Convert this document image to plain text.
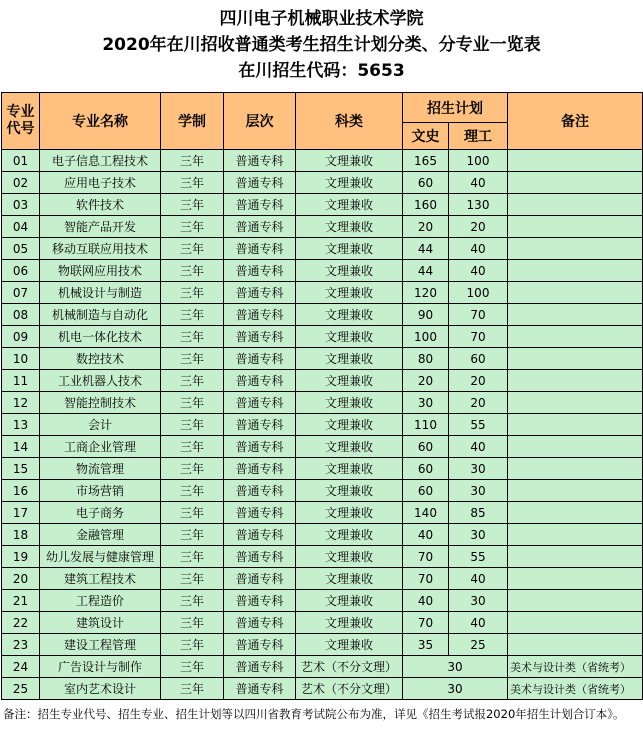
四川电子机械职业技术学院
2020年在川招收普通类考生招生计划分类、分专业一览表
在川招生代码：5653
专业代号	专业名称	学制	层次	科类	招生计划		备注
					文史	理工	
01	电子信息工程技术	三年	普通专科	文理兼收	165	100	
02	应用电子技术	三年	普通专科	文理兼收	60	40	
03	软件技术	三年	普通专科	文理兼收	160	130	
04	智能产品开发	三年	普通专科	文理兼收	20	20	
05	移动互联应用技术	三年	普通专科	文理兼收	44	40	
06	物联网应用技术	三年	普通专科	文理兼收	44	40	
07	机械设计与制造	三年	普通专科	文理兼收	120	100	
08	机械制造与自动化	三年	普通专科	文理兼收	90	70	
09	机电一体化技术	三年	普通专科	文理兼收	100	70	
10	数控技术	三年	普通专科	文理兼收	80	60	
11	工业机器人技术	三年	普通专科	文理兼收	20	20	
12	智能控制技术	三年	普通专科	文理兼收	30	20	
13	会计	三年	普通专科	文理兼收	110	55	
14	工商企业管理	三年	普通专科	文理兼收	60	40	
15	物流管理	三年	普通专科	文理兼收	60	30	
16	市场营销	三年	普通专科	文理兼收	60	30	
17	电子商务	三年	普通专科	文理兼收	140	85	
18	金融管理	三年	普通专科	文理兼收	40	30	
19	幼儿发展与健康管理	三年	普通专科	文理兼收	70	55	
20	建筑工程技术	三年	普通专科	文理兼收	70	40	
21	工程造价	三年	普通专科	文理兼收	40	30	
22	建筑设计	三年	普通专科	文理兼收	70	40	
23	建设工程管理	三年	普通专科	文理兼收	35	25	
24	广告设计与制作	三年	普通专科	艺术（不分文理）	30		美术与设计类（省统考）
25	室内艺术设计	三年	普通专科	艺术（不分文理）	30		美术与设计类（省统考）
备注：招生专业代号、招生专业、招生计划等以四川省教育考试院公布为准，详见《招生考试报2020年招生计划合订本》。
